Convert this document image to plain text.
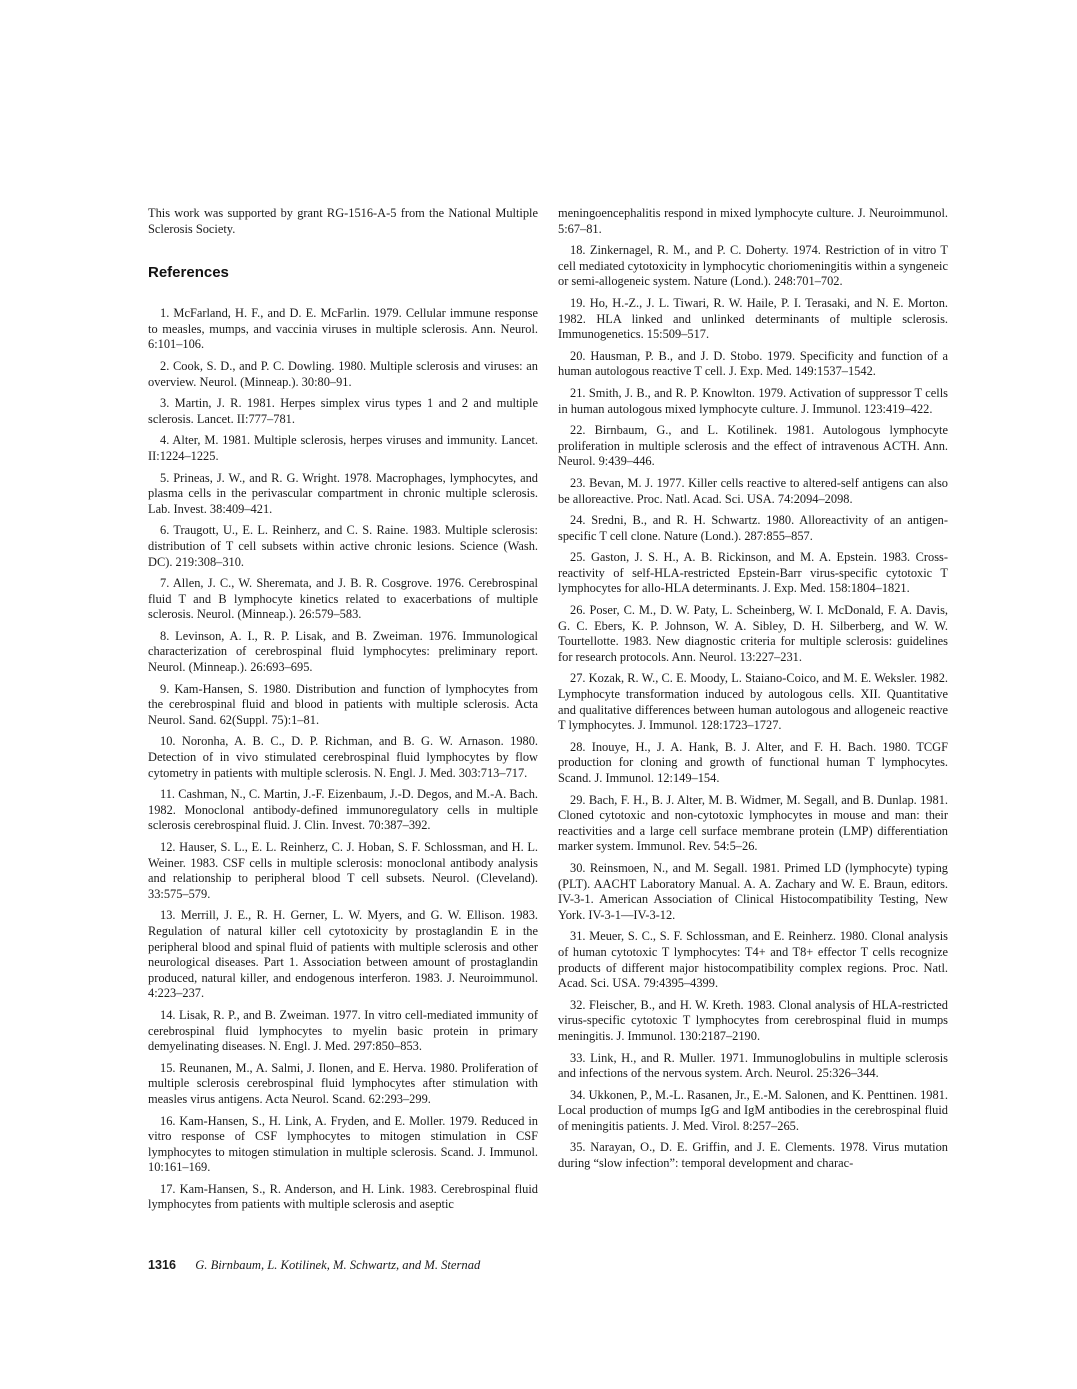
This work was supported by grant RG-1516-A-5 from the National Multiple Sclerosis Society.

References

1. McFarland, H. F., and D. E. McFarlin. 1979. Cellular immune response to measles, mumps, and vaccinia viruses in multiple sclerosis. Ann. Neurol. 6:101–106.

2. Cook, S. D., and P. C. Dowling. 1980. Multiple sclerosis and viruses: an overview. Neurol. (Minneap.). 30:80–91.

3. Martin, J. R. 1981. Herpes simplex virus types 1 and 2 and multiple sclerosis. Lancet. II:777–781.

4. Alter, M. 1981. Multiple sclerosis, herpes viruses and immunity. Lancet. II:1224–1225.

5. Prineas, J. W., and R. G. Wright. 1978. Macrophages, lymphocytes, and plasma cells in the perivascular compartment in chronic multiple sclerosis. Lab. Invest. 38:409–421.

6. Traugott, U., E. L. Reinherz, and C. S. Raine. 1983. Multiple sclerosis: distribution of T cell subsets within active chronic lesions. Science (Wash. DC). 219:308–310.

7. Allen, J. C., W. Sheremata, and J. B. R. Cosgrove. 1976. Cerebrospinal fluid T and B lymphocyte kinetics related to exacerbations of multiple sclerosis. Neurol. (Minneap.). 26:579–583.

8. Levinson, A. I., R. P. Lisak, and B. Zweiman. 1976. Immunological characterization of cerebrospinal fluid lymphocytes: preliminary report. Neurol. (Minneap.). 26:693–695.

9. Kam-Hansen, S. 1980. Distribution and function of lymphocytes from the cerebrospinal fluid and blood in patients with multiple sclerosis. Acta Neurol. Sand. 62(Suppl. 75):1–81.

10. Noronha, A. B. C., D. P. Richman, and B. G. W. Arnason. 1980. Detection of in vivo stimulated cerebrospinal fluid lymphocytes by flow cytometry in patients with multiple sclerosis. N. Engl. J. Med. 303:713–717.

11. Cashman, N., C. Martin, J.-F. Eizenbaum, J.-D. Degos, and M.-A. Bach. 1982. Monoclonal antibody-defined immunoregulatory cells in multiple sclerosis cerebrospinal fluid. J. Clin. Invest. 70:387–392.

12. Hauser, S. L., E. L. Reinherz, C. J. Hoban, S. F. Schlossman, and H. L. Weiner. 1983. CSF cells in multiple sclerosis: monoclonal antibody analysis and relationship to peripheral blood T cell subsets. Neurol. (Cleveland). 33:575–579.

13. Merrill, J. E., R. H. Gerner, L. W. Myers, and G. W. Ellison. 1983. Regulation of natural killer cell cytotoxicity by prostaglandin E in the peripheral blood and spinal fluid of patients with multiple sclerosis and other neurological diseases. Part 1. Association between amount of prostaglandin produced, natural killer, and endogenous interferon. 1983. J. Neuroimmunol. 4:223–237.

14. Lisak, R. P., and B. Zweiman. 1977. In vitro cell-mediated immunity of cerebrospinal fluid lymphocytes to myelin basic protein in primary demyelinating diseases. N. Engl. J. Med. 297:850–853.

15. Reunanen, M., A. Salmi, J. Ilonen, and E. Herva. 1980. Proliferation of multiple sclerosis cerebrospinal fluid lymphocytes after stimulation with measles virus antigens. Acta Neurol. Scand. 62:293–299.

16. Kam-Hansen, S., H. Link, A. Fryden, and E. Moller. 1979. Reduced in vitro response of CSF lymphocytes to mitogen stimulation in CSF lymphocytes to mitogen stimulation in multiple sclerosis. Scand. J. Immunol. 10:161–169.

17. Kam-Hansen, S., R. Anderson, and H. Link. 1983. Cerebrospinal fluid lymphocytes from patients with multiple sclerosis and aseptic

meningoencephalitis respond in mixed lymphocyte culture. J. Neuroimmunol. 5:67–81.

18. Zinkernagel, R. M., and P. C. Doherty. 1974. Restriction of in vitro T cell mediated cytotoxicity in lymphocytic choriomeningitis within a syngeneic or semi-allogeneic system. Nature (Lond.). 248:701–702.

19. Ho, H.-Z., J. L. Tiwari, R. W. Haile, P. I. Terasaki, and N. E. Morton. 1982. HLA linked and unlinked determinants of multiple sclerosis. Immunogenetics. 15:509–517.

20. Hausman, P. B., and J. D. Stobo. 1979. Specificity and function of a human autologous reactive T cell. J. Exp. Med. 149:1537–1542.

21. Smith, J. B., and R. P. Knowlton. 1979. Activation of suppressor T cells in human autologous mixed lymphocyte culture. J. Immunol. 123:419–422.

22. Birnbaum, G., and L. Kotilinek. 1981. Autologous lymphocyte proliferation in multiple sclerosis and the effect of intravenous ACTH. Ann. Neurol. 9:439–446.

23. Bevan, M. J. 1977. Killer cells reactive to altered-self antigens can also be alloreactive. Proc. Natl. Acad. Sci. USA. 74:2094–2098.

24. Sredni, B., and R. H. Schwartz. 1980. Alloreactivity of an antigen-specific T cell clone. Nature (Lond.). 287:855–857.

25. Gaston, J. S. H., A. B. Rickinson, and M. A. Epstein. 1983. Cross-reactivity of self-HLA-restricted Epstein-Barr virus-specific cytotoxic T lymphocytes for allo-HLA determinants. J. Exp. Med. 158:1804–1821.

26. Poser, C. M., D. W. Paty, L. Scheinberg, W. I. McDonald, F. A. Davis, G. C. Ebers, K. P. Johnson, W. A. Sibley, D. H. Silberberg, and W. W. Tourtellotte. 1983. New diagnostic criteria for multiple sclerosis: guidelines for research protocols. Ann. Neurol. 13:227–231.

27. Kozak, R. W., C. E. Moody, L. Staiano-Coico, and M. E. Weksler. 1982. Lymphocyte transformation induced by autologous cells. XII. Quantitative and qualitative differences between human autologous and allogeneic reactive T lymphocytes. J. Immunol. 128:1723–1727.

28. Inouye, H., J. A. Hank, B. J. Alter, and F. H. Bach. 1980. TCGF production for cloning and growth of functional human T lymphocytes. Scand. J. Immunol. 12:149–154.

29. Bach, F. H., B. J. Alter, M. B. Widmer, M. Segall, and B. Dunlap. 1981. Cloned cytotoxic and non-cytotoxic lymphocytes in mouse and man: their reactivities and a large cell surface membrane protein (LMP) differentiation marker system. Immunol. Rev. 54:5–26.

30. Reinsmoen, N., and M. Segall. 1981. Primed LD (lymphocyte) typing (PLT). AACHT Laboratory Manual. A. A. Zachary and W. E. Braun, editors. IV-3-1. American Association of Clinical Histocompatibility Testing, New York. IV-3-1—IV-3-12.

31. Meuer, S. C., S. F. Schlossman, and E. Reinherz. 1980. Clonal analysis of human cytotoxic T lymphocytes: T4+ and T8+ effector T cells recognize products of different major histocompatibility complex regions. Proc. Natl. Acad. Sci. USA. 79:4395–4399.

32. Fleischer, B., and H. W. Kreth. 1983. Clonal analysis of HLA-restricted virus-specific cytotoxic T lymphocytes from cerebrospinal fluid in mumps meningitis. J. Immunol. 130:2187–2190.

33. Link, H., and R. Muller. 1971. Immunoglobulins in multiple sclerosis and infections of the nervous system. Arch. Neurol. 25:326–344.

34. Ukkonen, P., M.-L. Rasanen, Jr., E.-M. Salonen, and K. Penttinen. 1981. Local production of mumps IgG and IgM antibodies in the cerebrospinal fluid of meningitis patients. J. Med. Virol. 8:257–265.

35. Narayan, O., D. E. Griffin, and J. E. Clements. 1978. Virus mutation during “slow infection”: temporal development and charac-

1316 G. Birnbaum, L. Kotilinek, M. Schwartz, and M. Sternad
